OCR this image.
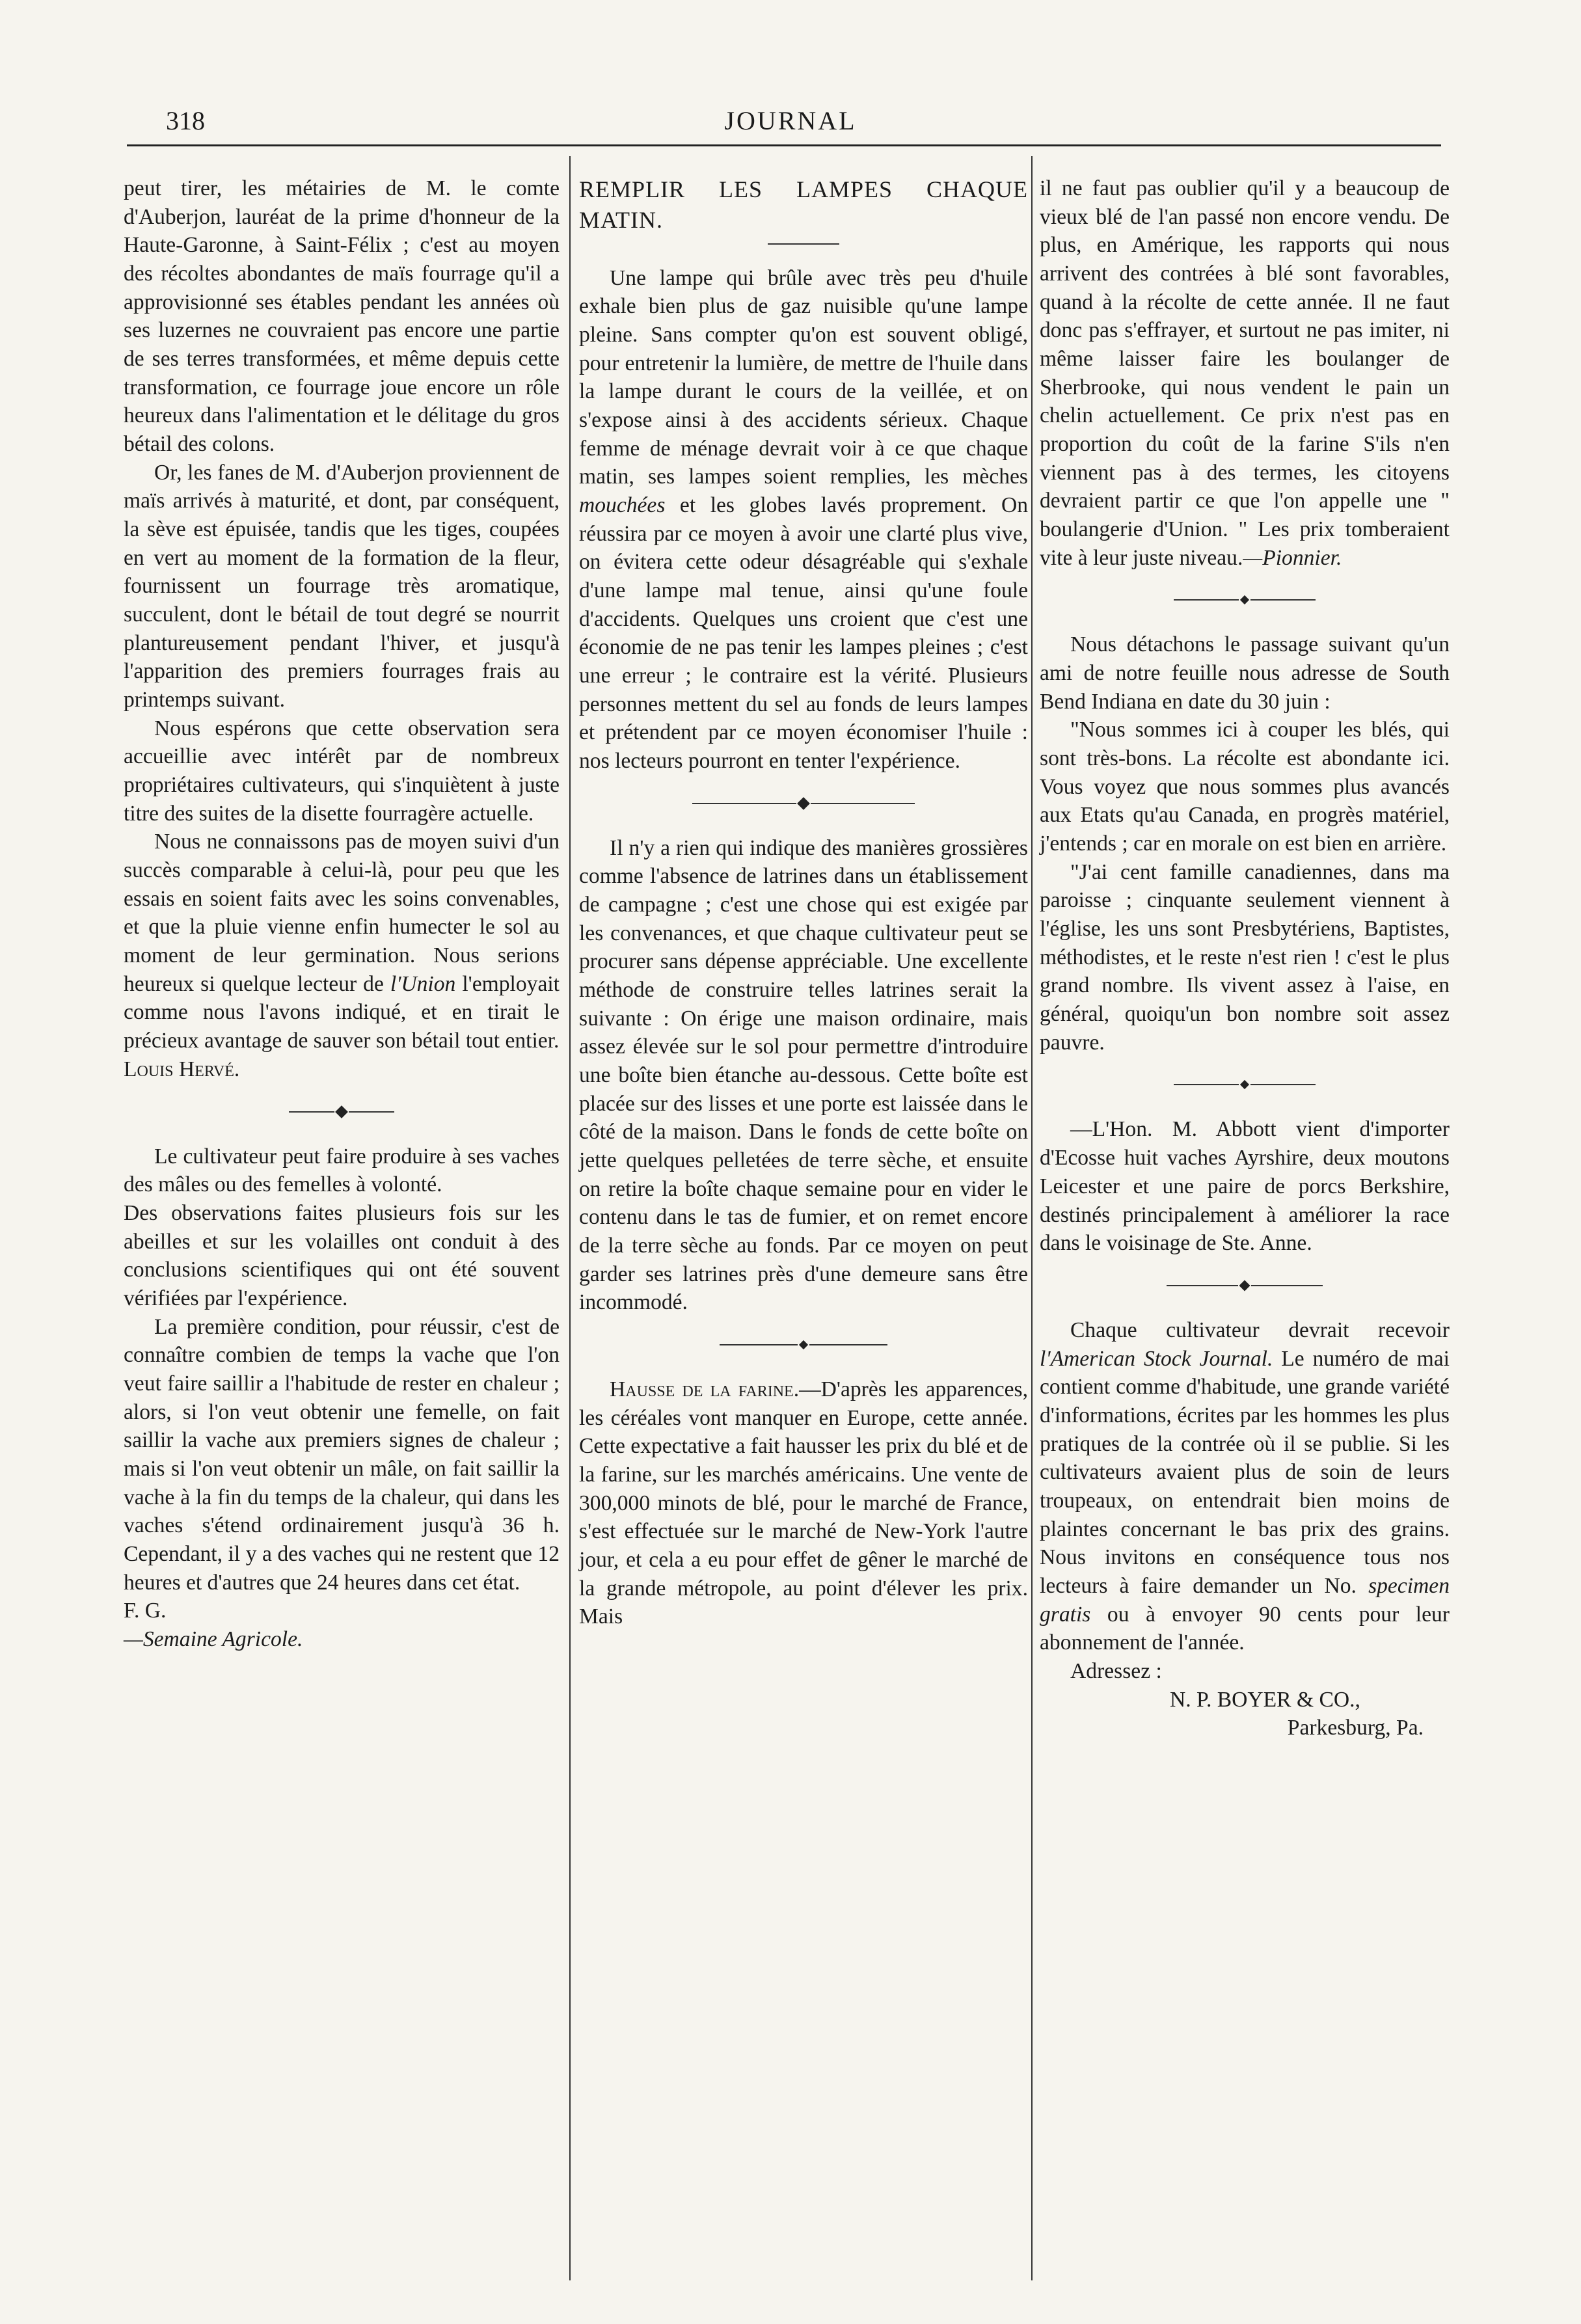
318	JOURNAL

peut tirer, les métairies de M. le comte d'Auberjon, lauréat de la prime d'honneur de la Haute-Garonne, à Saint-Félix ; c'est au moyen des récoltes abondantes de maïs fourrage qu'il a approvisionné ses étables pendant les années où ses luzernes ne couvraient pas encore une partie de ses terres transformées, et même depuis cette transformation, ce fourrage joue encore un rôle heureux dans l'alimentation et le délitage du gros bétail des colons.

Or, les fanes de M. d'Auberjon proviennent de maïs arrivés à maturité, et dont, par conséquent, la sève est épuisée, tandis que les tiges, coupées en vert au moment de la formation de la fleur, fournissent un fourrage très aromatique, succulent, dont le bétail de tout degré se nourrit plantureusement pendant l'hiver, et jusqu'à l'apparition des premiers fourrages frais au printemps suivant.

Nous espérons que cette observation sera accueillie avec intérêt par de nombreux propriétaires cultivateurs, qui s'inquiètent à juste titre des suites de la disette fourragère actuelle.

Nous ne connaissons pas de moyen suivi d'un succès comparable à celui-là, pour peu que les essais en soient faits avec les soins convenables, et que la pluie vienne enfin humecter le sol au moment de leur germination. Nous serions heureux si quelque lecteur de l'Union l'employait comme nous l'avons indiqué, et en tirait le précieux avantage de sauver son bétail tout entier.

Louis Hervé.

Le cultivateur peut faire produire à ses vaches des mâles ou des femelles à volonté.

Des observations faites plusieurs fois sur les abeilles et sur les volailles ont conduit à des conclusions scientifiques qui ont été souvent vérifiées par l'expérience.

La première condition, pour réussir, c'est de connaître combien de temps la vache que l'on veut faire saillir a l'habitude de rester en chaleur ; alors, si l'on veut obtenir une femelle, on fait saillir la vache aux premiers signes de chaleur ; mais si l'on veut obtenir un mâle, on fait saillir la vache à la fin du temps de la chaleur, qui dans les vaches s'étend ordinairement jusqu'à 36 h. Cependant, il y a des vaches qui ne restent que 12 heures et d'autres que 24 heures dans cet état.

F. G.

—Semaine Agricole.

REMPLIR LES LAMPES CHAQUE MATIN.

Une lampe qui brûle avec très peu d'huile exhale bien plus de gaz nuisible qu'une lampe pleine. Sans compter qu'on est souvent obligé, pour entretenir la lumière, de mettre de l'huile dans la lampe durant le cours de la veillée, et on s'expose ainsi à des accidents sérieux. Chaque femme de ménage devrait voir à ce que chaque matin, ses lampes soient remplies, les mèches mouchées et les globes lavés proprement. On réussira par ce moyen à avoir une clarté plus vive, on évitera cette odeur désagréable qui s'exhale d'une lampe mal tenue, ainsi qu'une foule d'accidents. Quelques uns croient que c'est une économie de ne pas tenir les lampes pleines ; c'est une erreur ; le contraire est la vérité. Plusieurs personnes mettent du sel au fonds de leurs lampes et prétendent par ce moyen économiser l'huile : nos lecteurs pourront en tenter l'expérience.

Il n'y a rien qui indique des manières grossières comme l'absence de latrines dans un établissement de campagne ; c'est une chose qui est exigée par les convenances, et que chaque cultivateur peut se procurer sans dépense appréciable. Une excellente méthode de construire telles latrines serait la suivante : On érige une maison ordinaire, mais assez élevée sur le sol pour permettre d'introduire une boîte bien étanche au-dessous. Cette boîte est placée sur des lisses et une porte est laissée dans le côté de la maison. Dans le fonds de cette boîte on jette quelques pelletées de terre sèche, et ensuite on retire la boîte chaque semaine pour en vider le contenu dans le tas de fumier, et on remet encore de la terre sèche au fonds. Par ce moyen on peut garder ses latrines près d'une demeure sans être incommodé.

Hausse de la farine.—D'après les apparences, les céréales vont manquer en Europe, cette année. Cette expectative a fait hausser les prix du blé et de la farine, sur les marchés américains. Une vente de 300,000 minots de blé, pour le marché de France, s'est effectuée sur le marché de New-York l'autre jour, et cela a eu pour effet de gêner le marché de la grande métropole, au point d'élever les prix. Mais

il ne faut pas oublier qu'il y a beaucoup de vieux blé de l'an passé non encore vendu. De plus, en Amérique, les rapports qui nous arrivent des contrées à blé sont favorables, quand à la récolte de cette année. Il ne faut donc pas s'effrayer, et surtout ne pas imiter, ni même laisser faire les boulanger de Sherbrooke, qui nous vendent le pain un chelin actuellement. Ce prix n'est pas en proportion du coût de la farine S'ils n'en viennent pas à des termes, les citoyens devraient partir ce que l'on appelle une " boulangerie d'Union. " Les prix tomberaient vite à leur juste niveau.—Pionnier.

Nous détachons le passage suivant qu'un ami de notre feuille nous adresse de South Bend Indiana en date du 30 juin :

"Nous sommes ici à couper les blés, qui sont très-bons. La récolte est abondante ici. Vous voyez que nous sommes plus avancés aux Etats qu'au Canada, en progrès matériel, j'entends ; car en morale on est bien en arrière.

"J'ai cent famille canadiennes, dans ma paroisse ; cinquante seulement viennent à l'église, les uns sont Presbytériens, Baptistes, méthodistes, et le reste n'est rien ! c'est le plus grand nombre. Ils vivent assez à l'aise, en général, quoiqu'un bon nombre soit assez pauvre.

—L'Hon. M. Abbott vient d'importer d'Ecosse huit vaches Ayrshire, deux moutons Leicester et une paire de porcs Berkshire, destinés principalement à améliorer la race dans le voisinage de Ste. Anne.

Chaque cultivateur devrait recevoir l'American Stock Journal. Le numéro de mai contient comme d'habitude, une grande variété d'informations, écrites par les hommes les plus pratiques de la contrée où il se publie. Si les cultivateurs avaient plus de soin de leurs troupeaux, on entendrait bien moins de plaintes concernant le bas prix des grains. Nous invitons en conséquence tous nos lecteurs à faire demander un No. specimen gratis ou à envoyer 90 cents pour leur abonnement de l'année.

Adressez :

N. P. BOYER & CO.,

Parkesburg, Pa.
